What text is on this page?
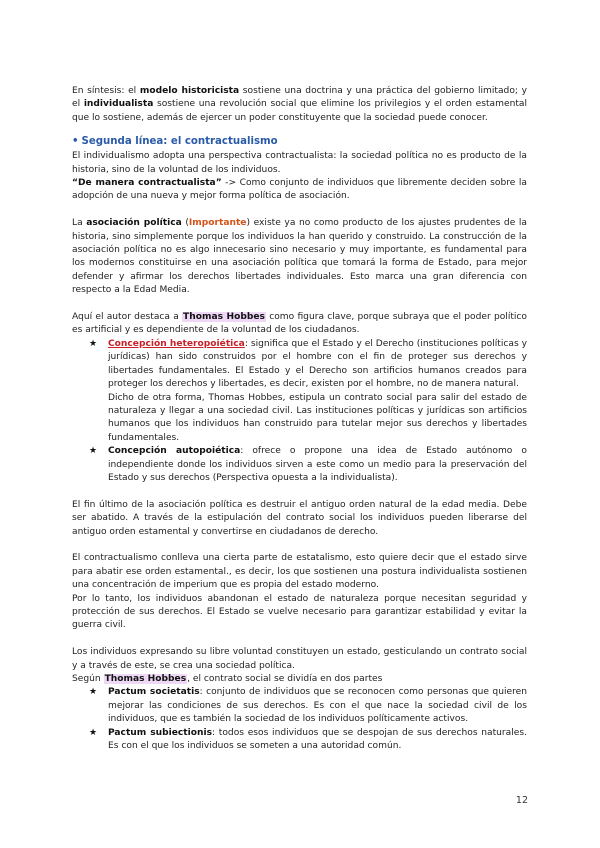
En síntesis: el modelo historicista sostiene una doctrina y una práctica del gobierno limitado; y el individualista sostiene una revolución social que elimine los privilegios y el orden estamental que lo sostiene, además de ejercer un poder constituyente que la sociedad puede conocer.

• Segunda línea: el contractualismo

El individualismo adopta una perspectiva contractualista: la sociedad política no es producto de la historia, sino de la voluntad de los individuos.

“De manera contractualista” -> Como conjunto de individuos que libremente deciden sobre la adopción de una nueva y mejor forma política de asociación.

La asociación política (Importante) existe ya no como producto de los ajustes prudentes de la historia, sino simplemente porque los individuos la han querido y construido. La construcción de la asociación política no es algo innecesario sino necesario y muy importante, es fundamental para los modernos constituirse en una asociación política que tomará la forma de Estado, para mejor defender y afirmar los derechos libertades individuales. Esto marca una gran diferencia con respecto a la Edad Media.

Aquí el autor destaca a Thomas Hobbes como figura clave, porque subraya que el poder político es artificial y es dependiente de la voluntad de los ciudadanos.

★ Concepción heteropoiética: significa que el Estado y el Derecho (instituciones políticas y jurídicas) han sido construidos por el hombre con el fin de proteger sus derechos y libertades fundamentales. El Estado y el Derecho son artificios humanos creados para proteger los derechos y libertades, es decir, existen por el hombre, no de manera natural.
Dicho de otra forma, Thomas Hobbes, estipula un contrato social para salir del estado de naturaleza y llegar a una sociedad civil. Las instituciones políticas y jurídicas son artificios humanos que los individuos han construido para tutelar mejor sus derechos y libertades fundamentales.
★ Concepción autopoiética: ofrece o propone una idea de Estado autónomo o independiente donde los individuos sirven a este como un medio para la preservación del Estado y sus derechos (Perspectiva opuesta a la individualista).

El fin último de la asociación política es destruir el antiguo orden natural de la edad media. Debe ser abatido. A través de la estipulación del contrato social los individuos pueden liberarse del antiguo orden estamental y convertirse en ciudadanos de derecho.

El contractualismo conlleva una cierta parte de estatalismo, esto quiere decir que el estado sirve para abatir ese orden estamental., es decir, los que sostienen una postura individualista sostienen una concentración de imperium que es propia del estado moderno.

Por lo tanto, los individuos abandonan el estado de naturaleza porque necesitan seguridad y protección de sus derechos. El Estado se vuelve necesario para garantizar estabilidad y evitar la guerra civil.

Los individuos expresando su libre voluntad constituyen un estado, gesticulando un contrato social y a través de este, se crea una sociedad política.

Según Thomas Hobbes, el contrato social se dividía en dos partes

★ Pactum societatis: conjunto de individuos que se reconocen como personas que quieren mejorar las condiciones de sus derechos. Es con el que nace la sociedad civil de los individuos, que es también la sociedad de los individuos políticamente activos.
★ Pactum subiectionis: todos esos individuos que se despojan de sus derechos naturales. Es con el que los individuos se someten a una autoridad común.
12
